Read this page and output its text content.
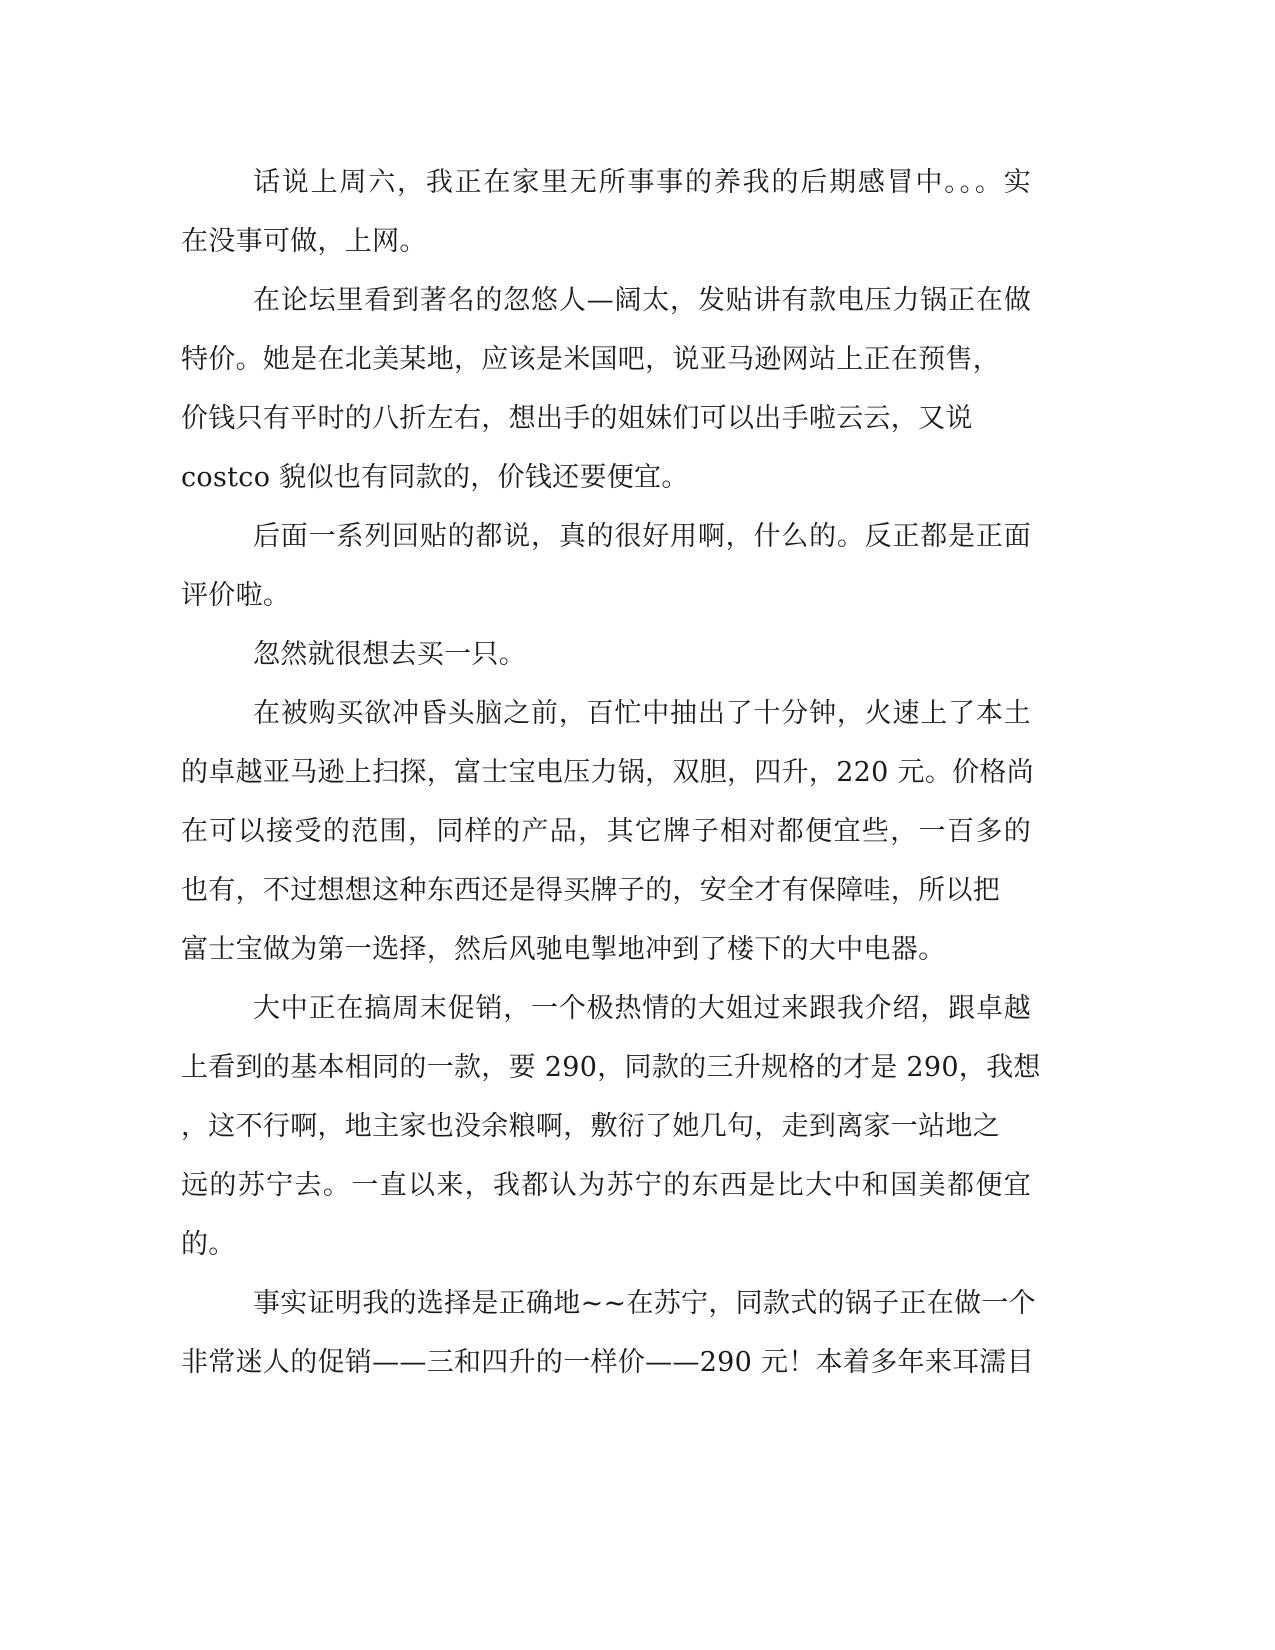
话说上周六，我正在家里无所事事的养我的后期感冒中。。。实
在没事可做，上网。
在论坛里看到著名的忽悠人—阔太，发贴讲有款电压力锅正在做
特价。她是在北美某地，应该是米国吧，说亚马逊网站上正在预售，
价钱只有平时的八折左右，想出手的姐妹们可以出手啦云云，又说
costco 貌似也有同款的，价钱还要便宜。
后面一系列回贴的都说，真的很好用啊，什么的。反正都是正面
评价啦。
忽然就很想去买一只。
在被购买欲冲昏头脑之前，百忙中抽出了十分钟，火速上了本土
的卓越亚马逊上扫探，富士宝电压力锅，双胆，四升，220 元。价格尚
在可以接受的范围，同样的产品，其它牌子相对都便宜些，一百多的
也有，不过想想这种东西还是得买牌子的，安全才有保障哇，所以把
富士宝做为第一选择，然后风驰电掣地冲到了楼下的大中电器。
大中正在搞周末促销，一个极热情的大姐过来跟我介绍，跟卓越
上看到的基本相同的一款，要 290，同款的三升规格的才是 290，我想
，这不行啊，地主家也没余粮啊，敷衍了她几句，走到离家一站地之
远的苏宁去。一直以来，我都认为苏宁的东西是比大中和国美都便宜
的。
事实证明我的选择是正确地~~在苏宁，同款式的锅子正在做一个
非常迷人的促销——三和四升的一样价——290 元！本着多年来耳濡目
